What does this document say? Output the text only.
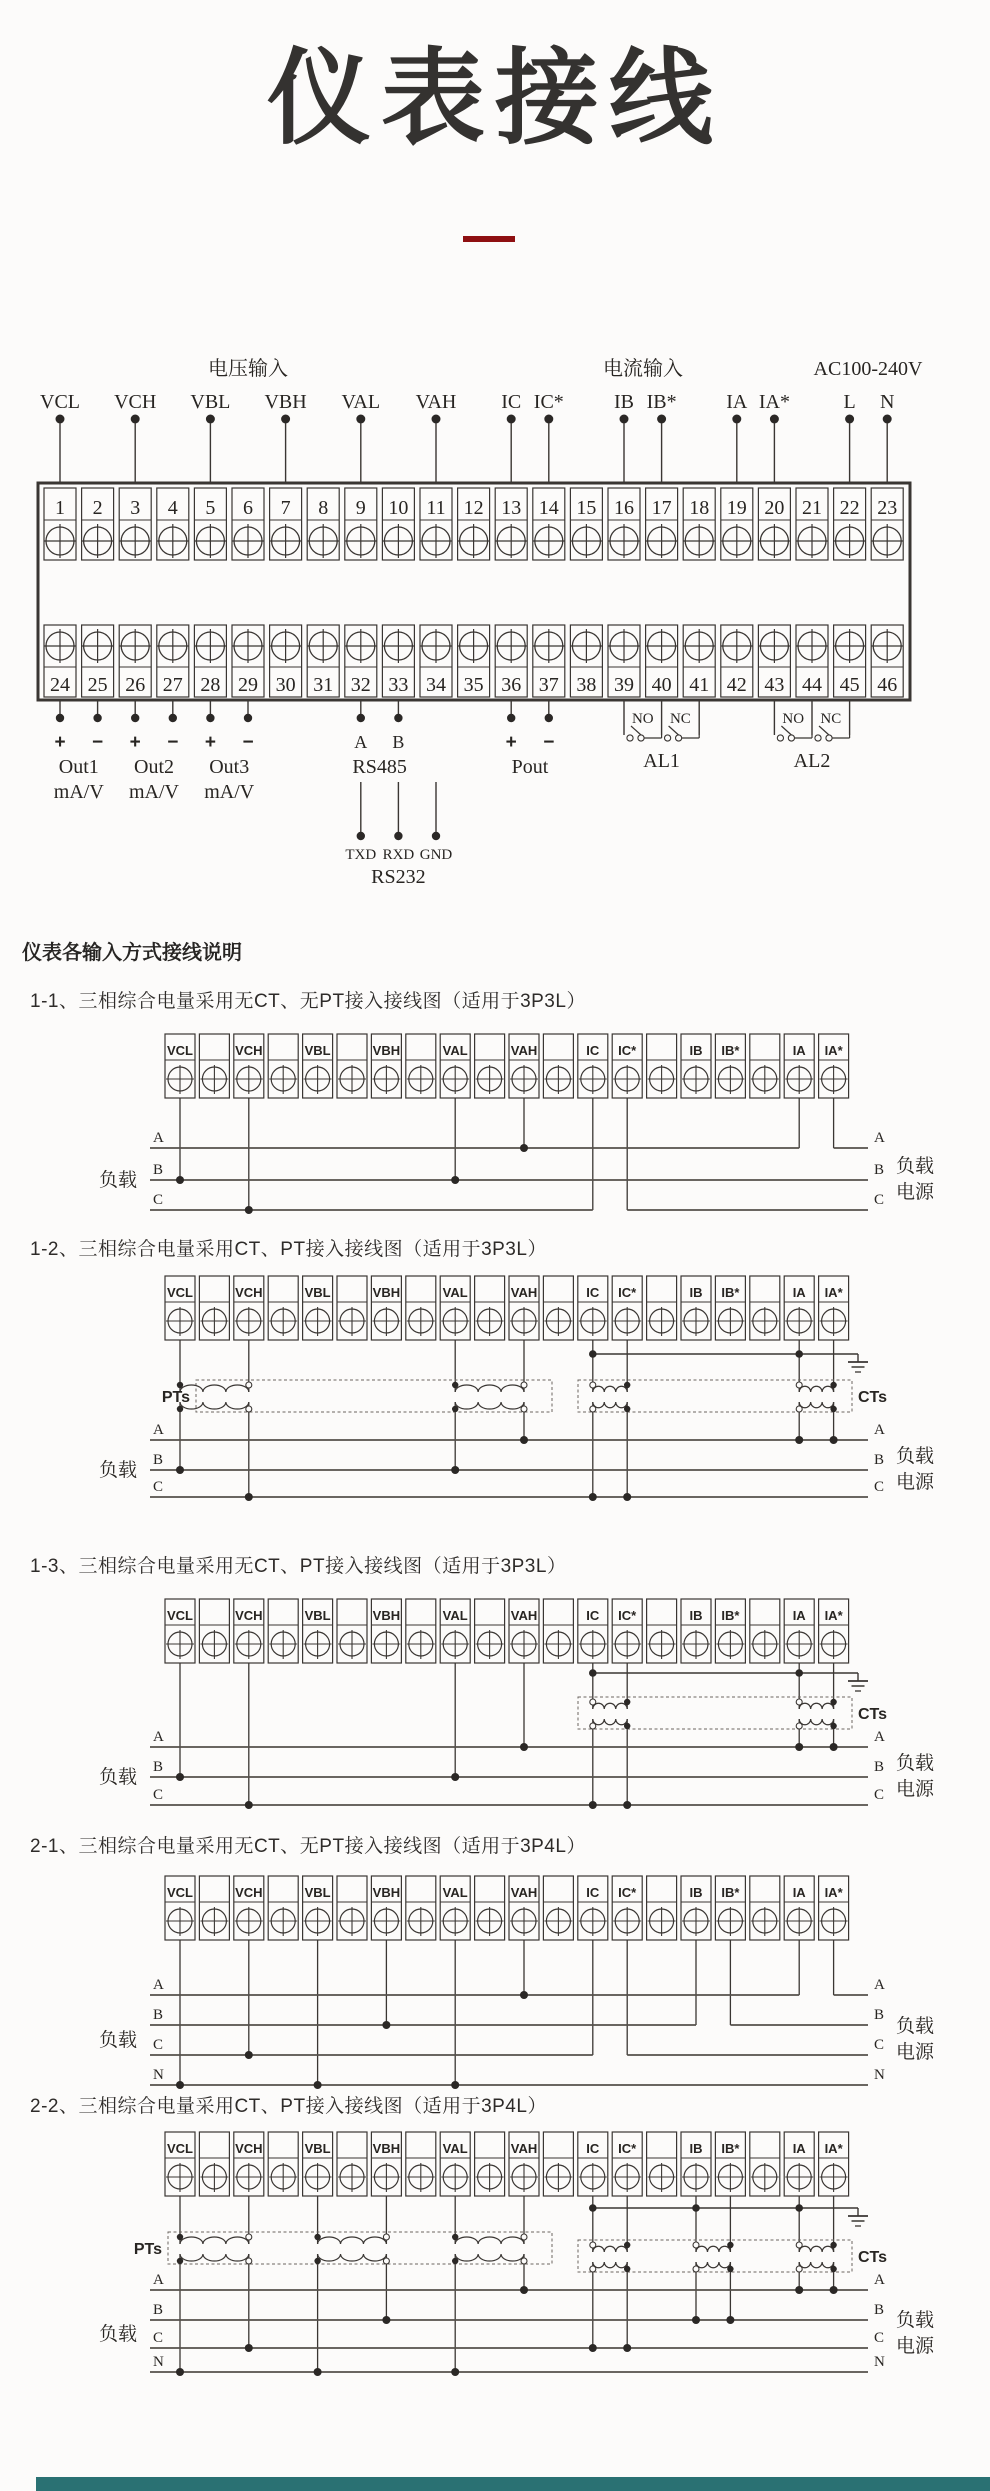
仪表接线
电压输入	电流输入	AC100-240V
VCL VCH VBL VBH VAL VAH IC IC*	IB IB* IA IA*	L N
1 2 3 4 5 6 7 8 9 10 11 12 13 14 15 16 17 18 19 20 21 22 23
24 25 26 27 28 29 30 31 32 33 34 35 36 37 38 39 40 41 42 43 44 45 46
+ −
Out1
mA/V
+ −
Out2
mA/V
+ −
Out3
mA/V
A B
RS485
TXD RXD GND
RS232
+ −
Pout
NO NC
AL1
NO NC
AL2
仪表各输入方式接线说明
1-1、三相综合电量采用无CT、无PT接入接线图（适用于3P3L）
VCL	VCH	VBL	VBH	VAL	VAH	IC IC*	IB IB*	IA IA*
A	A
B	B
C	C
负载
负载
电源
1-2、三相综合电量采用CT、PT接入接线图（适用于3P3L）
VCL	VCH	VBL	VBH	VAL	VAH	IC IC*	IB IB*	IA IA*
PTs	CTs
A	A
B	B
C	C
负载
负载
电源
1-3、三相综合电量采用无CT、PT接入接线图（适用于3P3L）
VCL	VCH	VBL	VBH	VAL	VAH	IC IC*	IB IB*	IA IA*
CTs
A	A
B	B
C	C
负载
负载
电源
2-1、三相综合电量采用无CT、无PT接入接线图（适用于3P4L）
VCL	VCH	VBL	VBH	VAL	VAH	IC IC*	IB IB*	IA IA*
A	A
B	B
C	C
N	N
负载
负载
电源
2-2、三相综合电量采用CT、PT接入接线图（适用于3P4L）
VCL	VCH	VBL	VBH	VAL	VAH	IC IC*	IB IB*	IA IA*
PTs	CTs
A	A
B	B
C	C
N	N
负载
负载
电源
